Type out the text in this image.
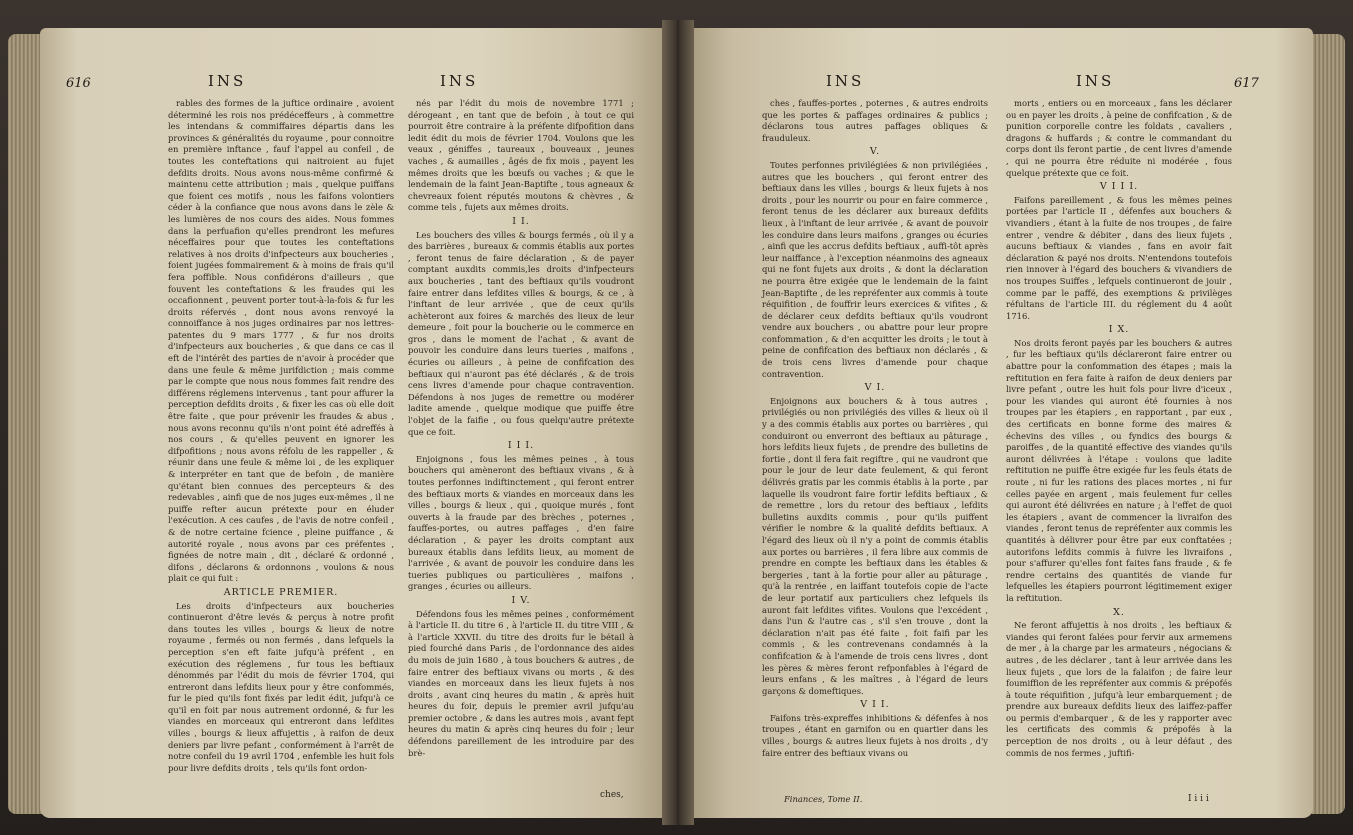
616	INS	INS

rables des formes de la juftice ordinaire , avoient déterminé les rois nos prédéceffeurs , à commettre les intendans & commiffaires départis dans les provinces & généralités du royaume , pour connoitre en première inftance , fauf l'appel au confeil , de toutes les conteftations qui naitroient au fujet defdits droits. Nous avons nous-même confirmé & maintenu cette attribution ; mais , quelque puiffans que foient ces motifs , nous les faifons volontiers céder à la confiance que nous avons dans le zèle & les lumières de nos cours des aides. Nous fommes dans la perfuafion qu'elles prendront les mefures néceffaires pour que toutes les conteftations relatives à nos droits d'infpecteurs aux boucheries , foient jugées fommairement & à moins de frais qu'il fera poffible. Nous confidérons d'ailleurs , que fouvent les conteftations & les fraudes qui les occafionnent , peuvent porter tout-à-la-fois & fur les droits réfervés , dont nous avons renvoyé la connoiffance à nos juges ordinaires par nos lettres-patentes du 9 mars 1777 , & fur nos droits d'infpecteurs aux boucheries , & que dans ce cas il eft de l'intérêt des parties de n'avoir à procéder que dans une feule & même jurifdiction ; mais comme par le compte que nous nous fommes fait rendre des différens réglemens intervenus , tant pour affurer la perception defdits droits , & fixer les cas où elle doit être faite , que pour prévenir les fraudes & abus , nous avons reconnu qu'ils n'ont point été adreffés à nos cours , & qu'elles peuvent en ignorer les difpofitions ; nous avons réfolu de les rappeller , & réunir dans une feule & même loi , de les expliquer & interpréter en tant que de befoin , de manière qu'étant bien connues des percepteurs & des redevables , ainfi que de nos juges eux-mêmes , il ne puiffe refter aucun prétexte pour en éluder l'exécution. A ces caufes , de l'avis de notre confeil , & de notre certaine fcience , pleine puiffance , & autorité royale , nous avons par ces préfentes , fignées de notre main , dit , déclaré & ordonné , difons , déclarons & ordonnons , voulons & nous plait ce qui fuit :

ARTICLE PREMIER.

Les droits d'infpecteurs aux boucheries continueront d'être levés & perçus à notre profit dans toutes les villes , bourgs & lieux de notre royaume , fermés ou non fermés , dans lefquels la perception s'en eft faite jufqu'à préfent , en exécution des réglemens , fur tous les beftiaux dénommés par l'édit du mois de février 1704, qui entreront dans lefdits lieux pour y être confommés, fur le pied qu'ils font fixés par ledit édit, jufqu'à ce qu'il en foit par nous autrement ordonné, & fur les viandes en morceaux qui entreront dans lefdites villes , bourgs & lieux affujettis , à raifon de deux deniers par livre pefant , conformément à l'arrêt de notre confeil du 19 avril 1704 , enfemble les huit fols pour livre defdits droits , tels qu'ils font ordon-

nés par l'édit du mois de novembre 1771 ; dérogeant , en tant que de befoin , à tout ce qui pourroit être contraire à la préfente difpofition dans ledit édit du mois de février 1704. Voulons que les veaux , géniffes , taureaux , bouveaux , jeunes vaches , & aumailles , âgés de fix mois , payent les mêmes droits que les bœufs ou vaches ; & que le lendemain de la faint Jean-Baptifte , tous agneaux & chevreaux foient réputés moutons & chèvres , & comme tels , fujets aux mêmes droits.

I I.

Les bouchers des villes & bourgs fermés , où il y a des barrières , bureaux & commis établis aux portes , feront tenus de faire déclaration , & de payer comptant auxdits commis,les droits d'infpecteurs aux boucheries , tant des beftiaux qu'ils voudront faire entrer dans lefdites villes & bourgs, & ce , à l'inftant de leur arrivée , que de ceux qu'ils achèteront aux foires & marchés des lieux de leur demeure , foit pour la boucherie ou le commerce en gros , dans le moment de l'achat , & avant de pouvoir les conduire dans leurs tueries , maifons , écuries ou ailleurs , à peine de confifcation des beftiaux qui n'auront pas été déclarés , & de trois cens livres d'amende pour chaque contravention. Défendons à nos juges de remettre ou modérer ladite amende , quelque modique que puiffe être l'objet de la faifie , ou fous quelqu'autre prétexte que ce foit.

I I I.

Enjoignons , fous les mêmes peines , à tous bouchers qui amèneront des beftiaux vivans , & à toutes perfonnes indiftinctement , qui feront entrer des beftiaux morts & viandes en morceaux dans les villes , bourgs & lieux , qui , quoique murés , font ouverts à la fraude par des brèches , poternes , fauffes-portes, ou autres paffages , d'en faire déclaration , & payer les droits comptant aux bureaux établis dans lefdits lieux, au moment de l'arrivée , & avant de pouvoir les conduire dans les tueries publiques ou particulières , maifons , granges , écuries ou ailleurs.

I V.

Défendons fous les mêmes peines , conformément à l'article II. du titre 6 , à l'article II. du titre VIII , & à l'article XXVII. du titre des droits fur le bétail à pied fourché dans Paris , de l'ordonnance des aides du mois de juin 1680 , à tous bouchers & autres , de faire entrer des beftiaux vivans ou morts , & des viandes en morceaux dans les lieux fujets à nos droits , avant cinq heures du matin , & après huit heures du foir, depuis le premier avril jufqu'au premier octobre , & dans les autres mois , avant fept heures du matin & après cinq heures du foir ; leur défendons pareillement de les introduire par des brè-

ches,
INS	INS	617

ches , fauffes-portes , poternes , & autres endroits que les portes & paffages ordinaires & publics ; déclarons tous autres paffages obliques & frauduleux.

V.

Toutes perfonnes privilégiées & non privilégiées , autres que les bouchers , qui feront entrer des beftiaux dans les villes , bourgs & lieux fujets à nos droits , pour les nourrir ou pour en faire commerce , feront tenus de les déclarer aux bureaux defdits lieux , à l'inftant de leur arrivée , & avant de pouvoir les conduire dans leurs maifons , granges ou écuries , ainfi que les accrus defdits beftiaux , auffi-tôt après leur naiffance , à l'exception néanmoins des agneaux qui ne font fujets aux droits , & dont la déclaration ne pourra être exigée que le lendemain de la faint Jean-Baptifte , de les repréfenter aux commis à toute réquifition , de fouffrir leurs exercices & vifites , & de déclarer ceux defdits beftiaux qu'ils voudront vendre aux bouchers , ou abattre pour leur propre confommation , & d'en acquitter les droits ; le tout à peine de confifcation des beftiaux non déclarés , & de trois cens livres d'amende pour chaque contravention.

V I.

Enjoignons aux bouchers & à tous autres , privilégiés ou non privilégiés des villes & lieux où il y a des commis établis aux portes ou barrières , qui conduiront ou enverront des beftiaux au pâturage , hors lefdits lieux fujets , de prendre des bulletins de fortie , dont il fera fait regiftre , qui ne vaudront que pour le jour de leur date feulement, & qui feront délivrés gratis par les commis établis à la porte , par laquelle ils voudront faire fortir lefdits beftiaux , & de remettre , lors du retour des beftiaux , lefdits bulletins auxdits commis , pour qu'ils puiffent vérifier le nombre & la qualité defdits beftiaux. A l'égard des lieux où il n'y a point de commis établis aux portes ou barrières , il fera libre aux commis de prendre en compte les beftiaux dans les étables & bergeries , tant à la fortie pour aller au pâturage , qu'à la rentrée , en laiffant toutefois copie de l'acte de leur portatif aux particuliers chez lefquels ils auront fait lefdites vifites. Voulons que l'excédent , dans l'un & l'autre cas , s'il s'en trouve , dont la déclaration n'ait pas été faite , foit faifi par les commis , & les contrevenans condamnés à la confifcation & à l'amende de trois cens livres , dont les pères & mères feront refponfables à l'égard de leurs enfans , & les maîtres , à l'égard de leurs garçons & domeftiques.

V I I.

Faifons très-expreffes inhibitions & défenfes à nos troupes , étant en garnifon ou en quartier dans les villes , bourgs & autres lieux fujets à nos droits , d'y faire entrer des beftiaux vivans ou

Finances, Tome II.

morts , entiers ou en morceaux , fans les déclarer ou en payer les droits , à peine de confifcation , & de punition corporelle contre les foldats , cavaliers , dragons & huffards ; & contre le commandant du corps dont ils feront partie , de cent livres d'amende , qui ne pourra être réduite ni modérée , fous quelque prétexte que ce foit.

V I I I.

Faifons pareillement , & fous les mêmes peines portées par l'article II , défenfes aux bouchers & vivandiers , étant à la fuite de nos troupes , de faire entrer , vendre & débiter , dans des lieux fujets , aucuns beftiaux & viandes , fans en avoir fait déclaration & payé nos droits. N'entendons toutefois rien innover à l'égard des bouchers & vivandiers de nos troupes Suiffes , lefquels continueront de jouir , comme par le paffé, des exemptions & privilèges réfultans de l'article III. du réglement du 4 août 1716.

I X.

Nos droits feront payés par les bouchers & autres , fur les beftiaux qu'ils déclareront faire entrer ou abattre pour la confommation des étapes ; mais la reftitution en fera faite à raifon de deux deniers par livre pefant , outre les huit fols pour livre d'iceux , pour les viandes qui auront été fournies à nos troupes par les étapiers , en rapportant , par eux , des certificats en bonne forme des maires & échevins des villes , ou fyndics des bourgs & paroiffes , de la quantité effective des viandes qu'ils auront délivrées à l'étape : voulons que ladite reftitution ne puiffe être exigée fur les feuls états de route , ni fur les rations des places mortes , ni fur celles payée en argent , mais feulement fur celles qui auront été délivrées en nature ; à l'effet de quoi les étapiers , avant de commencer la livraifon des viandes , feront tenus de repréfenter aux commis les quantités à délivrer pour être par eux conftatées ; autorifons lefdits commis à fuivre les livraifons , pour s'affurer qu'elles font faites fans fraude , & fe rendre certains des quantités de viande fur lefquelles les étapiers pourront légitimement exiger la reftitution.

X.

Ne feront affujettis à nos droits , les beftiaux & viandes qui feront falées pour fervir aux armemens de mer , à la charge par les armateurs , négocians & autres , de les déclarer , tant à leur arrivée dans les lieux fujets , que lors de la falaifon ; de faire leur foumiffion de les repréfenter aux commis & prépofés à toute réquifition , jufqu'à leur embarquement ; de prendre aux bureaux defdits lieux des laiffez-paffer ou permis d'embarquer , & de les y rapporter avec les certificats des commis & prépofés à la perception de nos droits , ou à leur défaut , des commis de nos fermes , juftifi-

I i i i
